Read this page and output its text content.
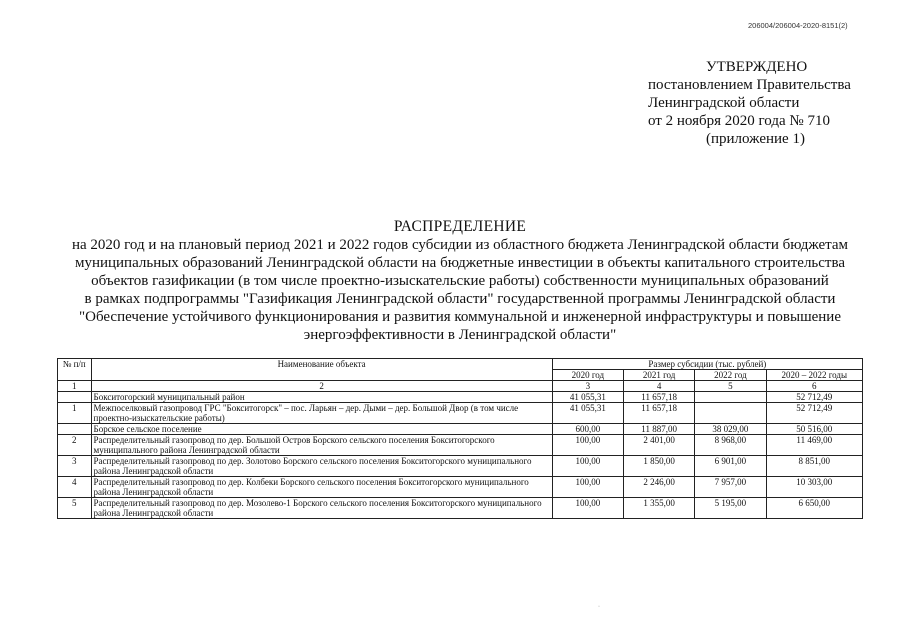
206004/206004-2020-8151(2)
УТВЕРЖДЕНО
постановлением Правительства
Ленинградской области
от 2 ноября 2020 года № 710
(приложение 1)
РАСПРЕДЕЛЕНИЕ
на 2020 год и на плановый период 2021 и 2022 годов субсидии из областного бюджета Ленинградской области бюджетам
муниципальных образований Ленинградской области на бюджетные инвестиции в объекты капитального строительства
объектов газификации (в том числе проектно-изыскательские работы) собственности муниципальных образований
в рамках подпрограммы "Газификация Ленинградской области" государственной программы Ленинградской области
"Обеспечение устойчивого функционирования и развития коммунальной и инженерной инфраструктуры и повышение
энергоэффективности в Ленинградской области"
№ п/п	Наименование объекта	Размер субсидии (тыс. рублей)			
		2020 год	2021 год	2022 год	2020 – 2022 годы
1	2	3	4	5	6
	Бокситогорский муниципальный район	41 055,31	11 657,18		52 712,49
1	Межпоселковый газопровод ГРС "Бокситогорск" – пос. Ларьян – дер. Дыми – дер. Большой Двор (в том числе проектно-изыскательские работы)	41 055,31	11 657,18		52 712,49
	Борское сельское поселение	600,00	11 887,00	38 029,00	50 516,00
2	Распределительный газопровод по дер. Большой Остров Борского сельского поселения Бокситогорского муниципального района Ленинградской области	100,00	2 401,00	8 968,00	11 469,00
3	Распределительный газопровод по дер. Золотово Борского сельского поселения Бокситогорского муниципального района Ленинградской области	100,00	1 850,00	6 901,00	8 851,00
4	Распределительный газопровод по дер. Колбеки Борского сельского поселения Бокситогорского муниципального района Ленинградской области	100,00	2 246,00	7 957,00	10 303,00
5	Распределительный газопровод по дер. Мозолево-1 Борского сельского поселения Бокситогорского муниципального района Ленинградской области	100,00	1 355,00	5 195,00	6 650,00
·
